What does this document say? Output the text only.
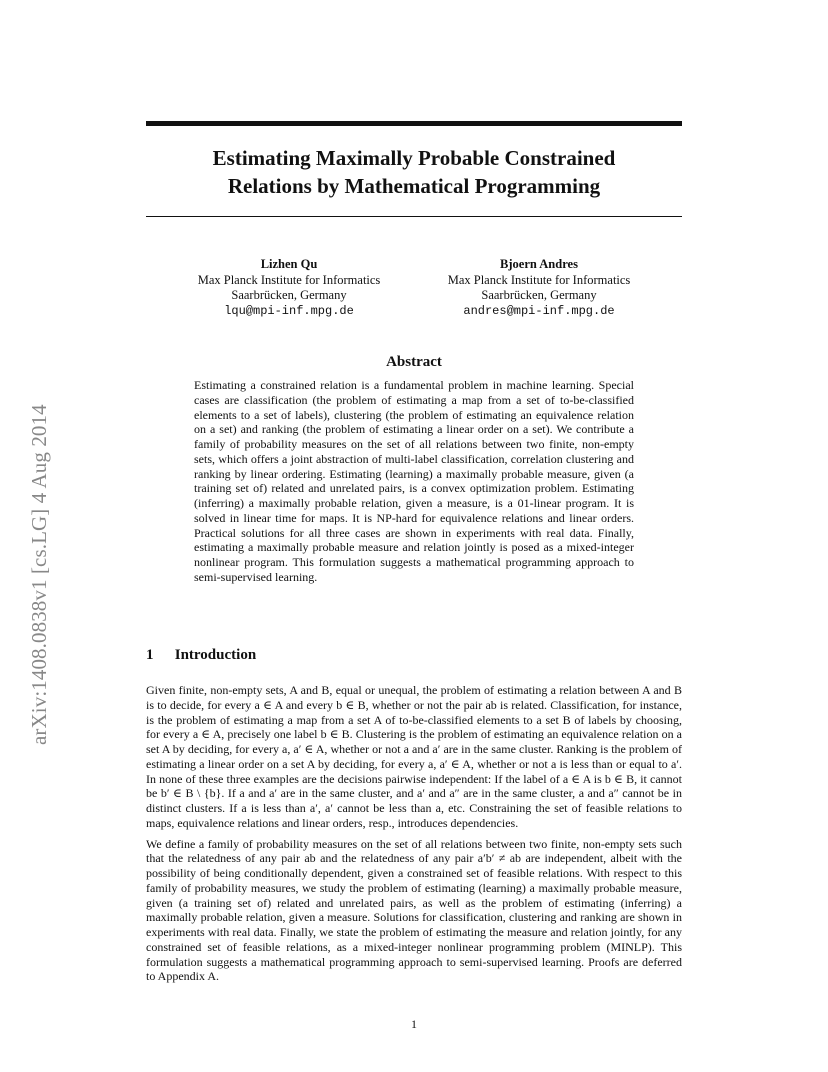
Estimating Maximally Probable Constrained
Relations by Mathematical Programming
Lizhen Qu
Max Planck Institute for Informatics
Saarbrücken, Germany
lqu@mpi-inf.mpg.de
Bjoern Andres
Max Planck Institute for Informatics
Saarbrücken, Germany
andres@mpi-inf.mpg.de
arXiv:1408.0838v1 [cs.LG] 4 Aug 2014
Abstract

Estimating a constrained relation is a fundamental problem in machine learning. Special cases are classification (the problem of estimating a map from a set of to-be-classified elements to a set of labels), clustering (the problem of estimating an equivalence relation on a set) and ranking (the problem of estimating a linear order on a set). We contribute a family of probability measures on the set of all relations between two finite, non-empty sets, which offers a joint abstraction of multi-label classification, correlation clustering and ranking by linear ordering. Estimating (learning) a maximally probable measure, given (a training set of) related and unrelated pairs, is a convex optimization problem. Estimating (inferring) a maximally probable relation, given a measure, is a 01-linear program. It is solved in linear time for maps. It is NP-hard for equivalence relations and linear orders. Practical solutions for all three cases are shown in experiments with real data. Finally, estimating a maximally probable measure and relation jointly is posed as a mixed-integer nonlinear program. This formulation suggests a mathematical programming approach to semi-supervised learning.

1 Introduction

Given finite, non-empty sets, A and B, equal or unequal, the problem of estimating a relation between A and B is to decide, for every a ∈ A and every b ∈ B, whether or not the pair ab is related. Classification, for instance, is the problem of estimating a map from a set A of to-be-classified elements to a set B of labels by choosing, for every a ∈ A, precisely one label b ∈ B. Clustering is the problem of estimating an equivalence relation on a set A by deciding, for every a, a′ ∈ A, whether or not a and a′ are in the same cluster. Ranking is the problem of estimating a linear order on a set A by deciding, for every a, a′ ∈ A, whether or not a is less than or equal to a′. In none of these three examples are the decisions pairwise independent: If the label of a ∈ A is b ∈ B, it cannot be b′ ∈ B \ {b}. If a and a′ are in the same cluster, and a′ and a″ are in the same cluster, a and a″ cannot be in distinct clusters. If a is less than a′, a′ cannot be less than a, etc. Constraining the set of feasible relations to maps, equivalence relations and linear orders, resp., introduces dependencies.

We define a family of probability measures on the set of all relations between two finite, non-empty sets such that the relatedness of any pair ab and the relatedness of any pair a′b′ ≠ ab are independent, albeit with the possibility of being conditionally dependent, given a constrained set of feasible relations. With respect to this family of probability measures, we study the problem of estimating (learning) a maximally probable measure, given (a training set of) related and unrelated pairs, as well as the problem of estimating (inferring) a maximally probable relation, given a measure. Solutions for classification, clustering and ranking are shown in experiments with real data. Finally, we state the problem of estimating the measure and relation jointly, for any constrained set of feasible relations, as a mixed-integer nonlinear programming problem (MINLP). This formulation suggests a mathematical programming approach to semi-supervised learning. Proofs are deferred to Appendix A.

1
